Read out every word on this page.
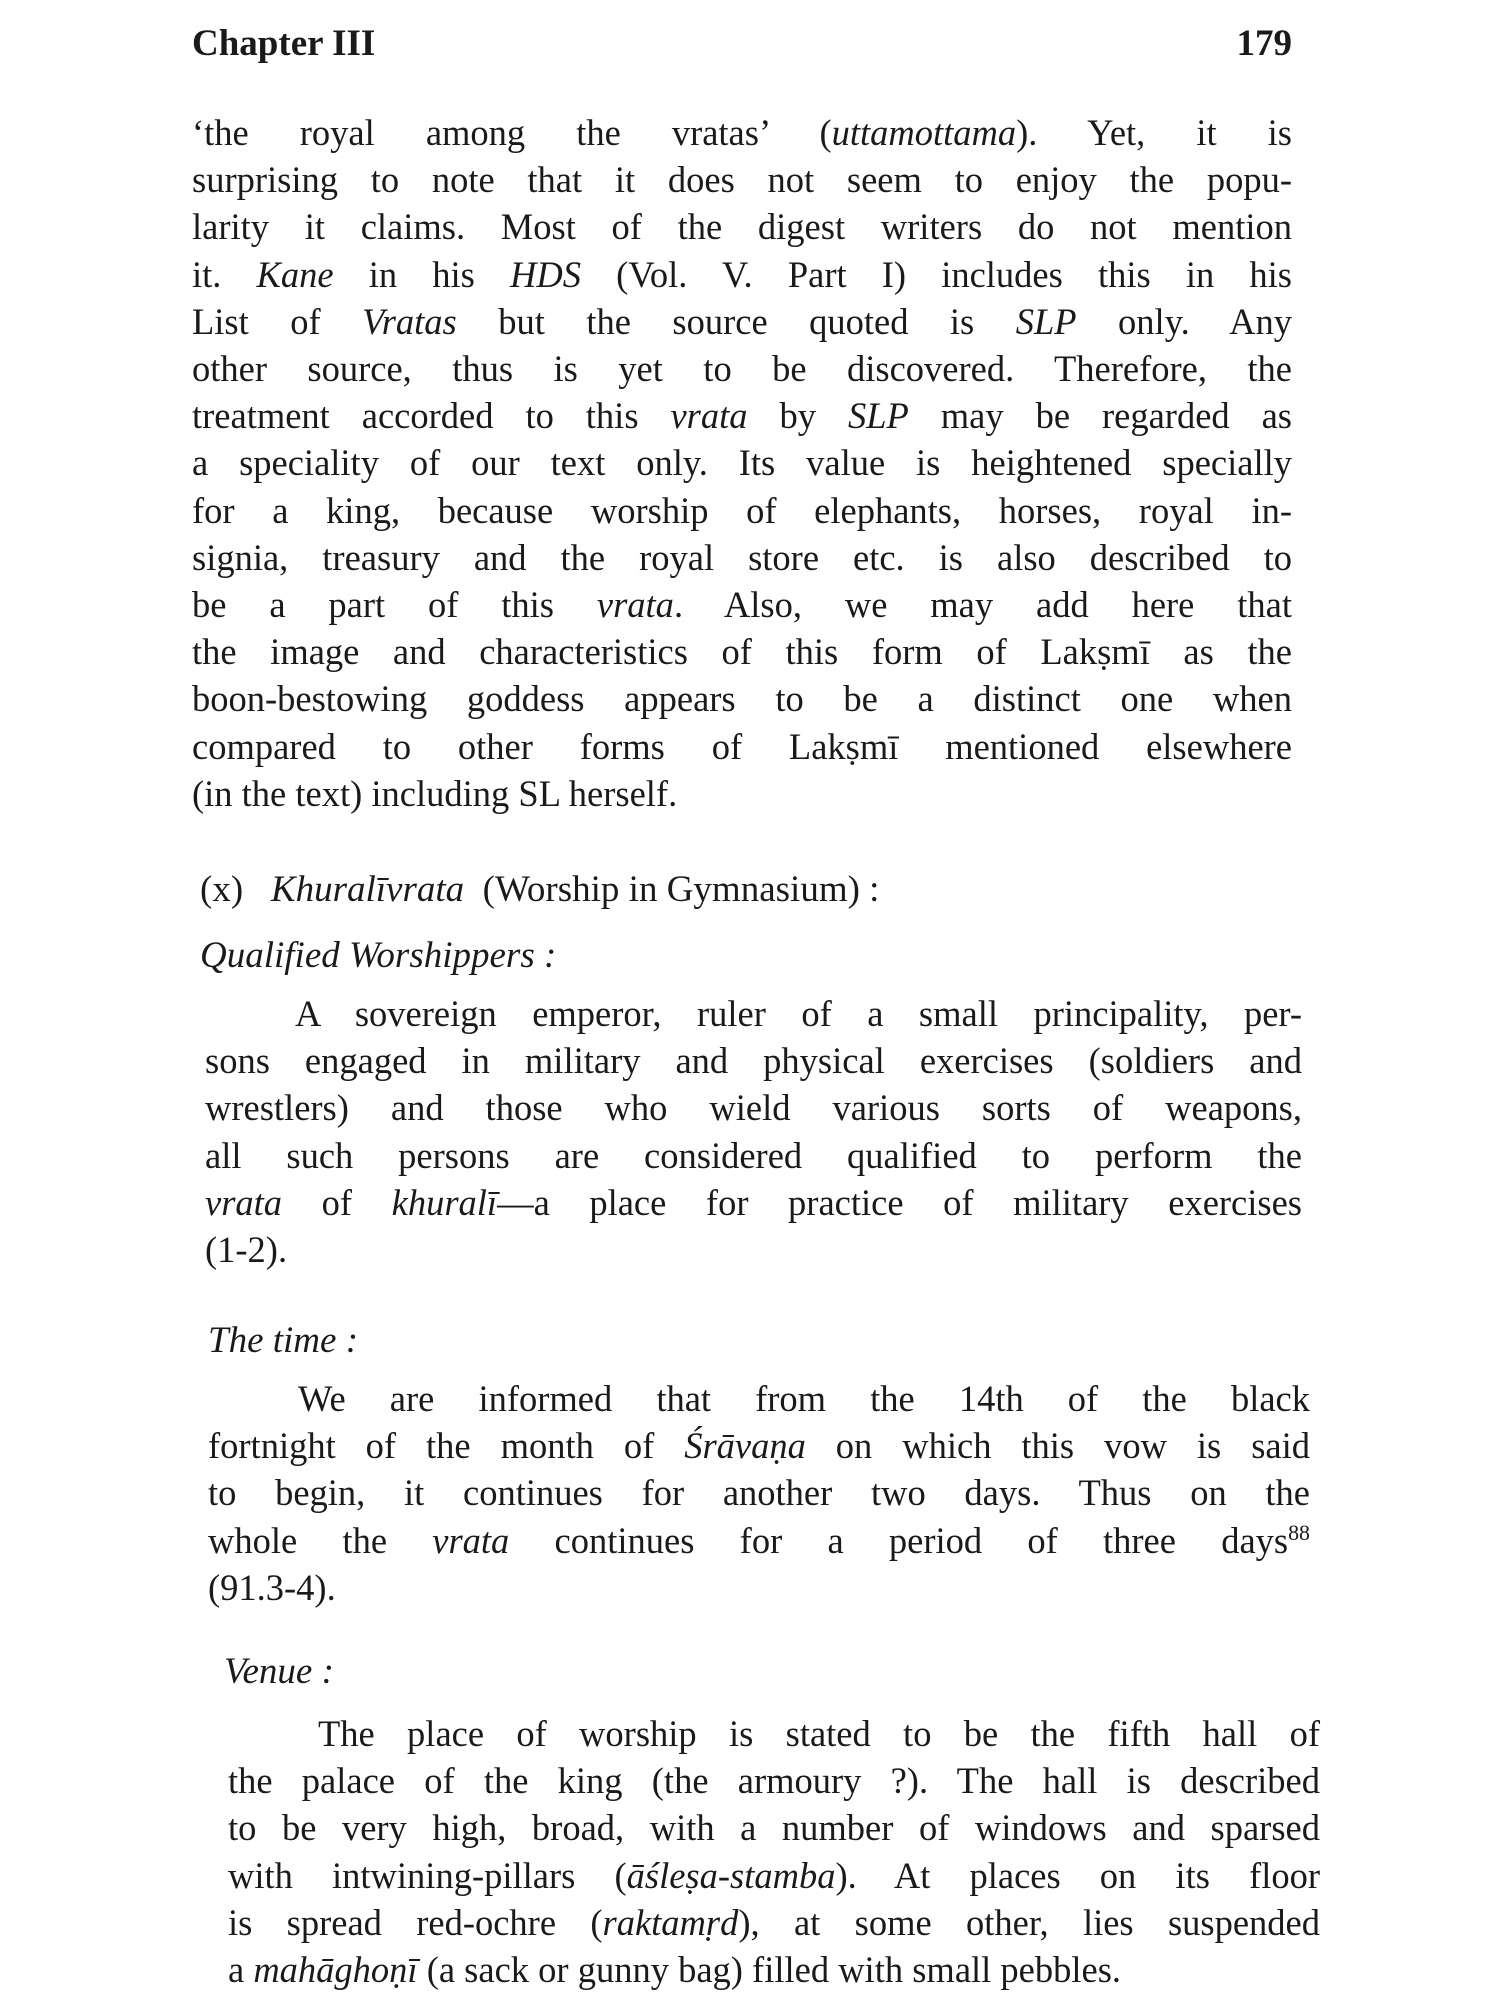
Chapter III	179
‘the royal among the vratas’ (uttamottama). Yet, it is
surprising to note that it does not seem to enjoy the popu-
larity it claims. Most of the digest writers do not mention
it. Kane in his HDS (Vol. V. Part I) includes this in his
List of Vratas but the source quoted is SLP only. Any
other source, thus is yet to be discovered. Therefore, the
treatment accorded to this vrata by SLP may be regarded as
a speciality of our text only. Its value is heightened specially
for a king, because worship of elephants, horses, royal in-
signia, treasury and the royal store etc. is also described to
be a part of this vrata. Also, we may add here that
the image and characteristics of this form of Lakṣmī as the
boon-bestowing goddess appears to be a distinct one when
compared to other forms of Lakṣmī mentioned elsewhere
(in the text) including SL herself.
(x) Khuralīvrata (Worship in Gymnasium) :
Qualified Worshippers :
A sovereign emperor, ruler of a small principality, per-
sons engaged in military and physical exercises (soldiers and
wrestlers) and those who wield various sorts of weapons,
all such persons are considered qualified to perform the
vrata of khuralī—a place for practice of military exercises
(1-2).
The time :
We are informed that from the 14th of the black
fortnight of the month of Śrāvaṇa on which this vow is said
to begin, it continues for another two days. Thus on the
whole the vrata continues for a period of three days$^{88}$
(91.3-4).
Venue :
The place of worship is stated to be the fifth hall of
the palace of the king (the armoury ?). The hall is described
to be very high, broad, with a number of windows and sparsed
with intwining-pillars (āśleṣa-stamba). At places on its floor
is spread red-ochre (raktamṛd), at some other, lies suspended
a mahāghoṇī (a sack or gunny bag) filled with small pebbles.
